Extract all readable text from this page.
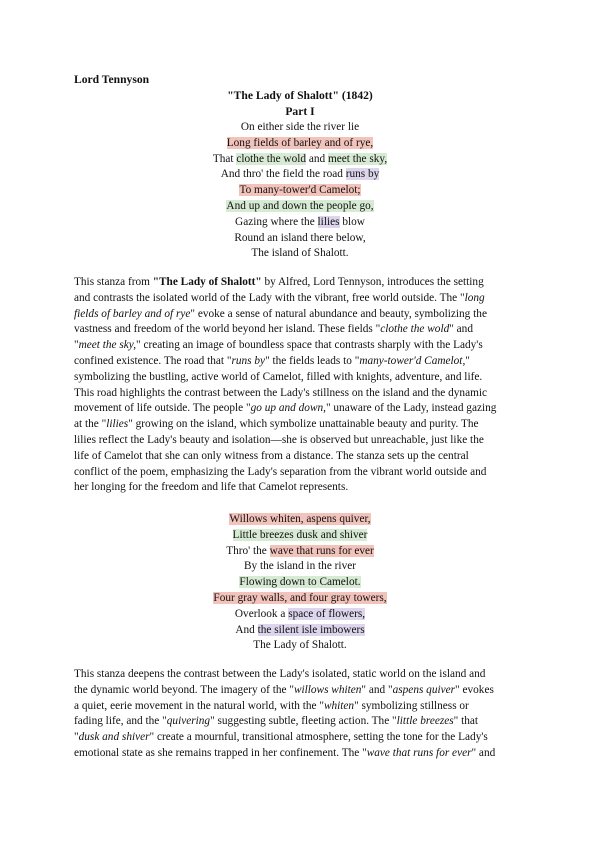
Lord Tennyson
"The Lady of Shalott" (1842)
Part I
On either side the river lie
Long fields of barley and of rye,
That clothe the wold and meet the sky,
And thro' the field the road runs by
To many-tower'd Camelot;
And up and down the people go,
Gazing where the lilies blow
Round an island there below,
The island of Shalott.
This stanza from "The Lady of Shalott" by Alfred, Lord Tennyson, introduces the setting
and contrasts the isolated world of the Lady with the vibrant, free world outside. The "long
fields of barley and of rye" evoke a sense of natural abundance and beauty, symbolizing the
vastness and freedom of the world beyond her island. These fields "clothe the wold" and
"meet the sky," creating an image of boundless space that contrasts sharply with the Lady's
confined existence. The road that "runs by" the fields leads to "many-tower'd Camelot,"
symbolizing the bustling, active world of Camelot, filled with knights, adventure, and life.
This road highlights the contrast between the Lady's stillness on the island and the dynamic
movement of life outside. The people "go up and down," unaware of the Lady, instead gazing
at the "lilies" growing on the island, which symbolize unattainable beauty and purity. The
lilies reflect the Lady's beauty and isolation—she is observed but unreachable, just like the
life of Camelot that she can only witness from a distance. The stanza sets up the central
conflict of the poem, emphasizing the Lady's separation from the vibrant world outside and
her longing for the freedom and life that Camelot represents.
Willows whiten, aspens quiver,
Little breezes dusk and shiver
Thro' the wave that runs for ever
By the island in the river
Flowing down to Camelot.
Four gray walls, and four gray towers,
Overlook a space of flowers,
And the silent isle imbowers
The Lady of Shalott.
This stanza deepens the contrast between the Lady's isolated, static world on the island and
the dynamic world beyond. The imagery of the "willows whiten" and "aspens quiver" evokes
a quiet, eerie movement in the natural world, with the "whiten" symbolizing stillness or
fading life, and the "quivering" suggesting subtle, fleeting action. The "little breezes" that
"dusk and shiver" create a mournful, transitional atmosphere, setting the tone for the Lady's
emotional state as she remains trapped in her confinement. The "wave that runs for ever" and
